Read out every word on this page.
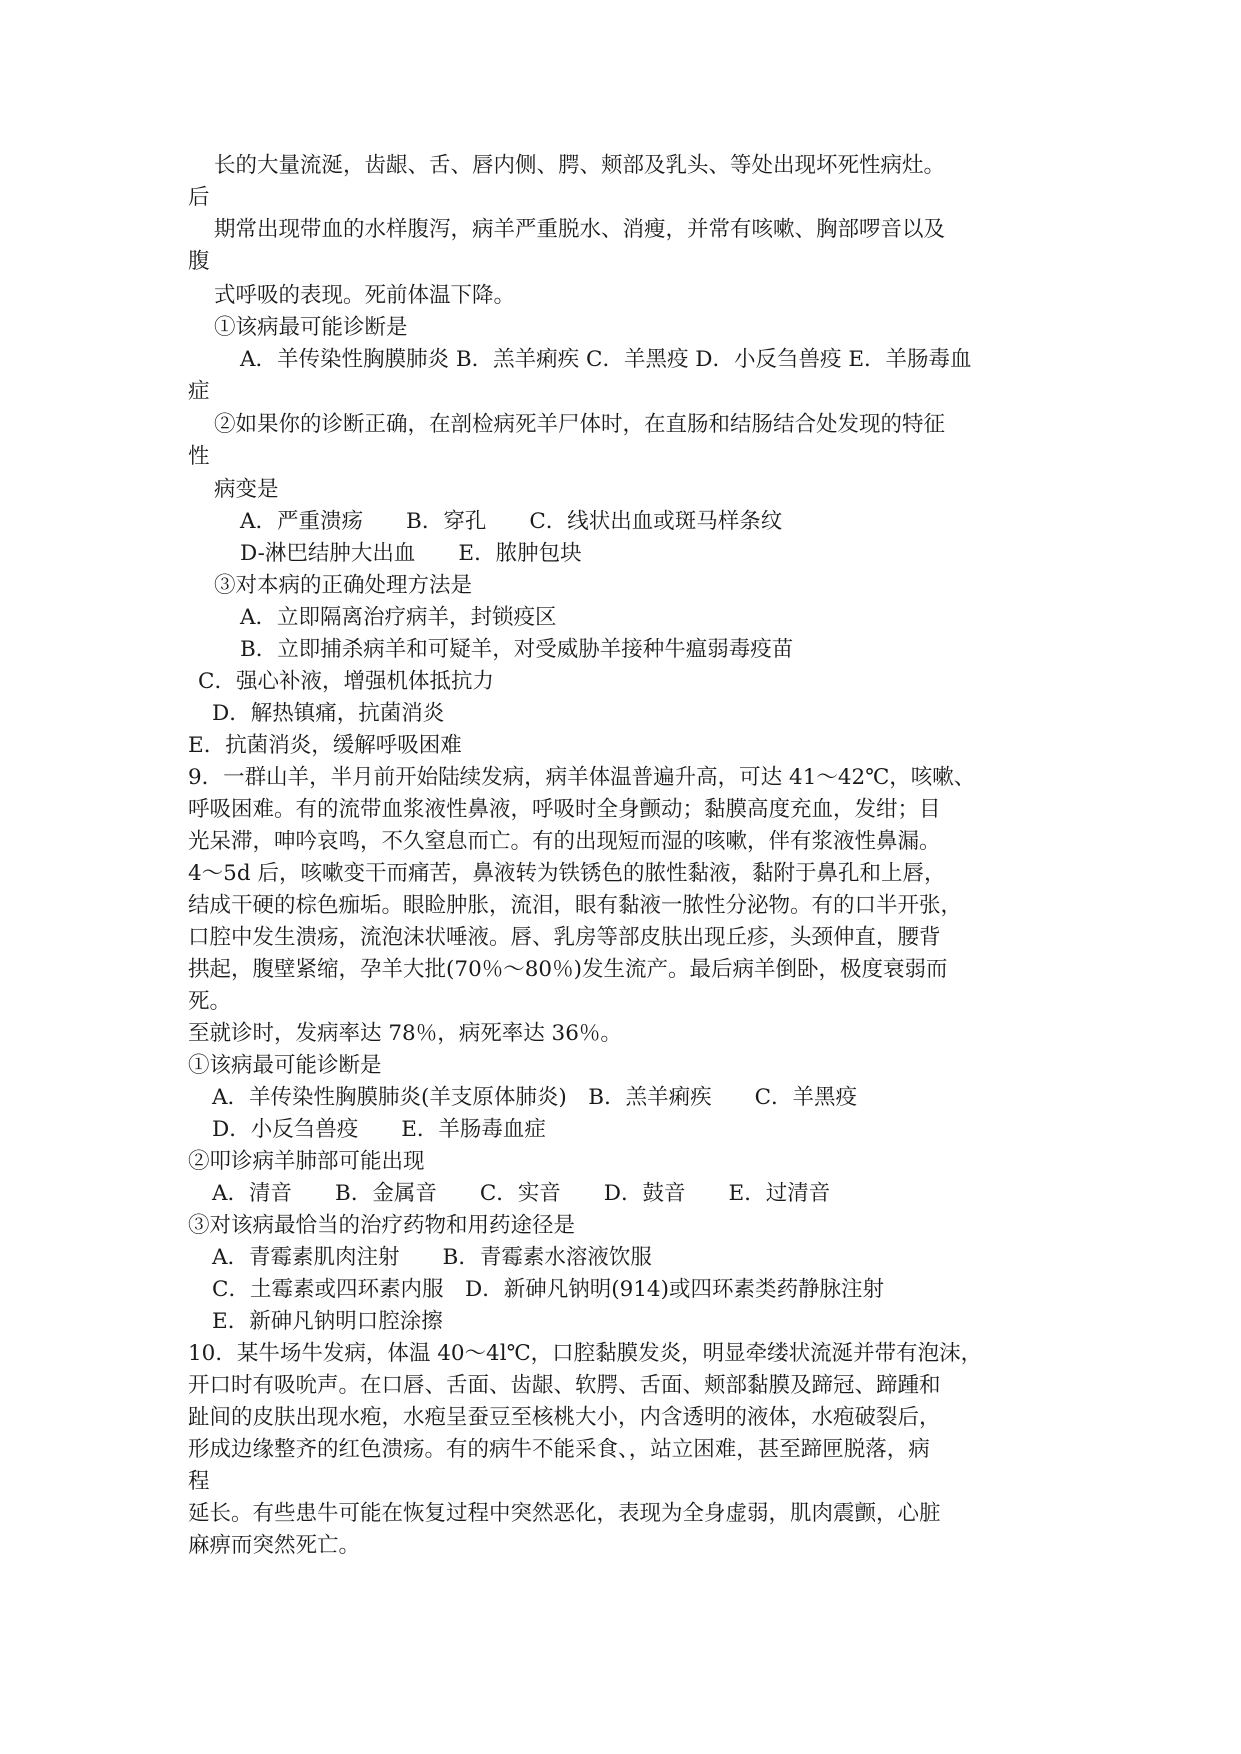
长的大量流涎，齿龈、舌、唇内侧、腭、颊部及乳头、等处出现坏死性病灶。
后
期常出现带血的水样腹泻，病羊严重脱水、消瘦，并常有咳嗽、胸部啰音以及
腹
式呼吸的表现。死前体温下降。
①该病最可能诊断是
A．羊传染性胸膜肺炎 B．羔羊痢疾 C．羊黑疫 D．小反刍兽疫 E．羊肠毒血
症
②如果你的诊断正确，在剖检病死羊尸体时，在直肠和结肠结合处发现的特征
性
病变是
A．严重溃疡　　B．穿孔　　C．线状出血或斑马样条纹
D-淋巴结肿大出血　　E．脓肿包块
③对本病的正确处理方法是
A．立即隔离治疗病羊，封锁疫区
B．立即捕杀病羊和可疑羊，对受威胁羊接种牛瘟弱毒疫苗
C．强心补液，增强机体抵抗力
D．解热镇痛，抗菌消炎
E．抗菌消炎，缓解呼吸困难
9．一群山羊，半月前开始陆续发病，病羊体温普遍升高，可达 41～42℃，咳嗽、
呼吸困难。有的流带血浆液性鼻液，呼吸时全身颤动；黏膜高度充血，发绀；目
光呆滞，呻吟哀鸣，不久窒息而亡。有的出现短而湿的咳嗽，伴有浆液性鼻漏。
4～5d 后，咳嗽变干而痛苦，鼻液转为铁锈色的脓性黏液，黏附于鼻孔和上唇，
结成干硬的棕色痂垢。眼睑肿胀，流泪，眼有黏液一脓性分泌物。有的口半开张，
口腔中发生溃疡，流泡沫状唾液。唇、乳房等部皮肤出现丘疹，头颈伸直，腰背
拱起，腹壁紧缩，孕羊大批(70％～80％)发生流产。最后病羊倒卧，极度衰弱而
死。
至就诊时，发病率达 78％，病死率达 36％。
①该病最可能诊断是
A．羊传染性胸膜肺炎(羊支原体肺炎)　B．羔羊痢疾　　C．羊黑疫
D．小反刍兽疫　　E．羊肠毒血症
②叩诊病羊肺部可能出现
A．清音　　B．金属音　　C．实音　　D．鼓音　　E．过清音
③对该病最恰当的治疗药物和用药途径是
A．青霉素肌肉注射　　B．青霉素水溶液饮服
C．土霉素或四环素内服　D．新砷凡钠明(914)或四环素类药静脉注射
E．新砷凡钠明口腔涂擦
10．某牛场牛发病，体温 40～4l℃，口腔黏膜发炎，明显牵缕状流涎并带有泡沫，
开口时有吸吮声。在口唇、舌面、齿龈、软腭、舌面、颊部黏膜及蹄冠、蹄踵和
趾间的皮肤出现水疱，水疱呈蚕豆至核桃大小，内含透明的液体，水疱破裂后，
形成边缘整齐的红色溃疡。有的病牛不能采食、，站立困难，甚至蹄匣脱落，病
程
延长。有些患牛可能在恢复过程中突然恶化，表现为全身虚弱，肌肉震颤，心脏
麻痹而突然死亡。
